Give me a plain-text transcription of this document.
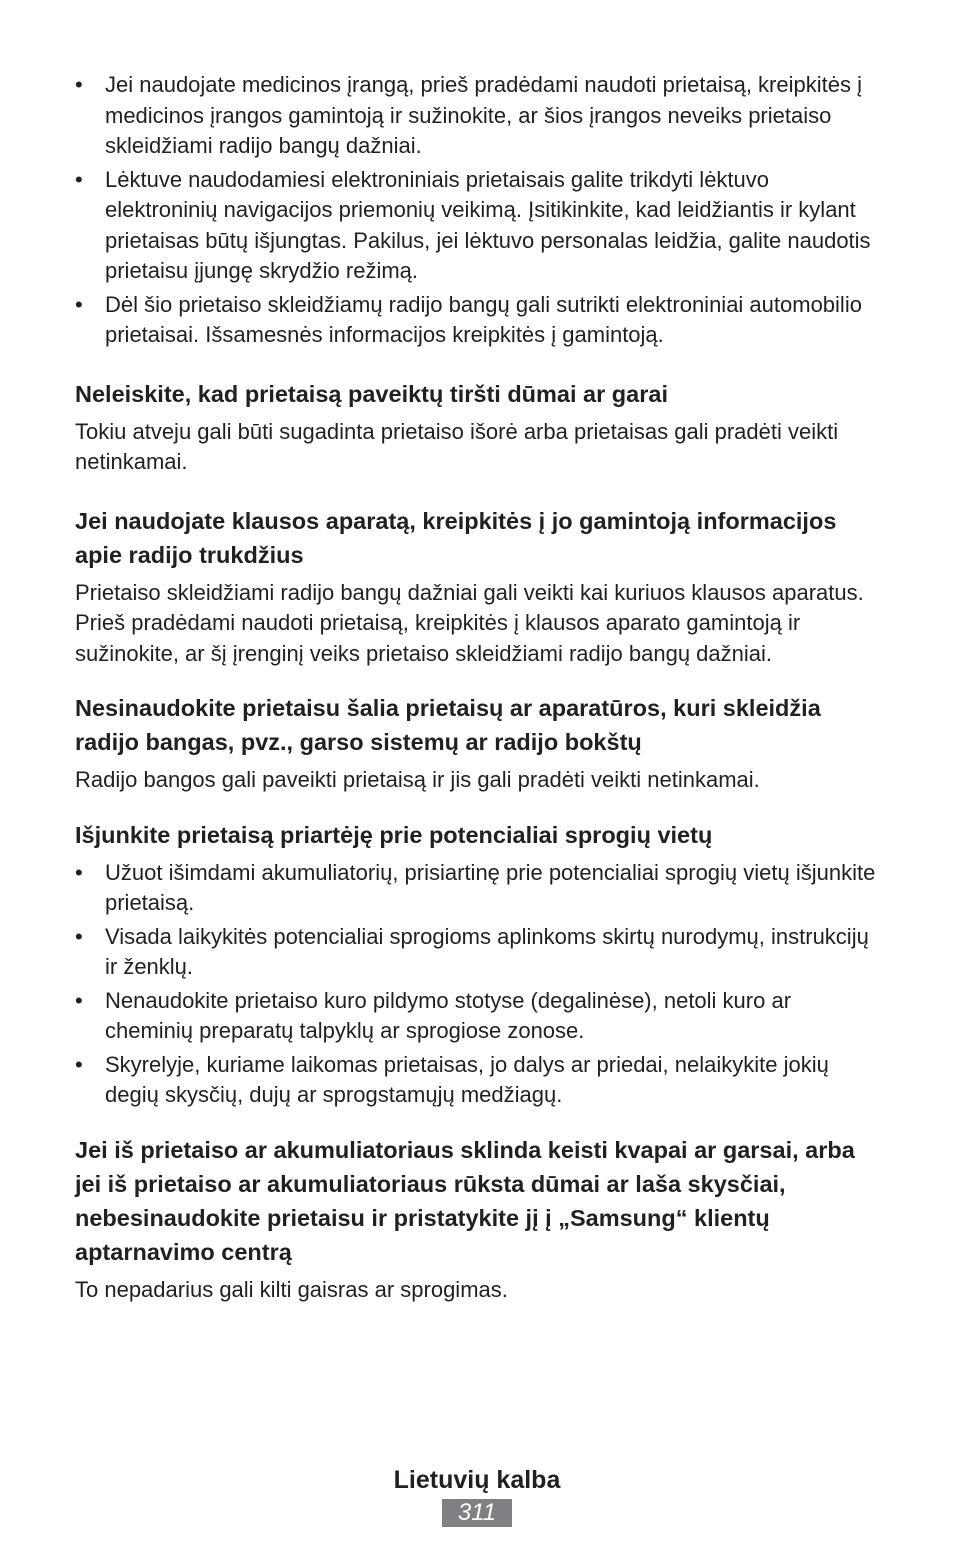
• Jei naudojate medicinos įrangą, prieš pradėdami naudoti prietaisą, kreipkitės į medicinos įrangos gamintoją ir sužinokite, ar šios įrangos neveiks prietaiso skleidžiami radijo bangų dažniai.
• Lėktuve naudodamiesi elektroniniais prietaisais galite trikdyti lėktuvo elektroninių navigacijos priemonių veikimą. Įsitikinkite, kad leidžiantis ir kylant prietaisas būtų išjungtas. Pakilus, jei lėktuvo personalas leidžia, galite naudotis prietaisu įjungę skrydžio režimą.
• Dėl šio prietaiso skleidžiamų radijo bangų gali sutrikti elektroniniai automobilio prietaisai. Išsamesnės informacijos kreipkitės į gamintoją.
Neleiskite, kad prietaisą paveiktų tiršti dūmai ar garai

Tokiu atveju gali būti sugadinta prietaiso išorė arba prietaisas gali pradėti veikti netinkamai.

Jei naudojate klausos aparatą, kreipkitės į jo gamintoją informacijos apie radijo trukdžius

Prietaiso skleidžiami radijo bangų dažniai gali veikti kai kuriuos klausos aparatus. Prieš pradėdami naudoti prietaisą, kreipkitės į klausos aparato gamintoją ir sužinokite, ar šį įrenginį veiks prietaiso skleidžiami radijo bangų dažniai.

Nesinaudokite prietaisu šalia prietaisų ar aparatūros, kuri skleidžia radijo bangas, pvz., garso sistemų ar radijo bokštų

Radijo bangos gali paveikti prietaisą ir jis gali pradėti veikti netinkamai.

Išjunkite prietaisą priartėję prie potencialiai sprogių vietų
• Užuot išimdami akumuliatorių, prisiartinę prie potencialiai sprogių vietų išjunkite prietaisą.
• Visada laikykitės potencialiai sprogioms aplinkoms skirtų nurodymų, instrukcijų ir ženklų.
• Nenaudokite prietaiso kuro pildymo stotyse (degalinėse), netoli kuro ar cheminių preparatų talpyklų ar sprogiose zonose.
• Skyrelyje, kuriame laikomas prietaisas, jo dalys ar priedai, nelaikykite jokių degių skysčių, dujų ar sprogstamųjų medžiagų.
Jei iš prietaiso ar akumuliatoriaus sklinda keisti kvapai ar garsai, arba jei iš prietaiso ar akumuliatoriaus rūksta dūmai ar laša skysčiai, nebesinaudokite prietaisu ir pristatykite jį į „Samsung“ klientų aptarnavimo centrą

To nepadarius gali kilti gaisras ar sprogimas.

Lietuvių kalba
311
